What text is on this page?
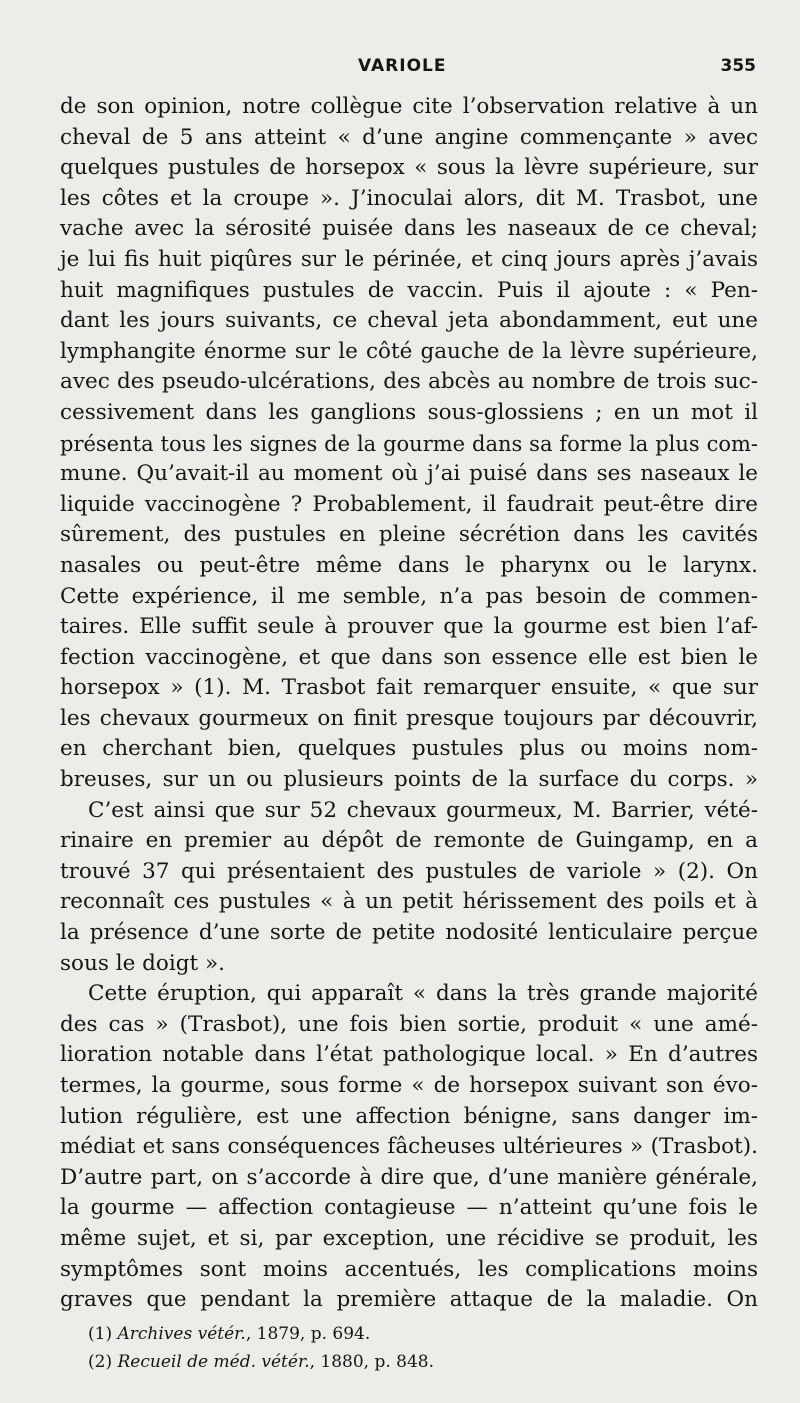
VARIOLE	355
de son opinion, notre collègue cite l’observation relative à un
cheval de 5 ans atteint « d’une angine commençante » avec
quelques pustules de horsepox « sous la lèvre supérieure, sur
les côtes et la croupe ». J’inoculai alors, dit M. Trasbot, une
vache avec la sérosité puisée dans les naseaux de ce cheval;
je lui fis huit piqûres sur le périnée, et cinq jours après j’avais
huit magnifiques pustules de vaccin. Puis il ajoute : « Pen-
dant les jours suivants, ce cheval jeta abondamment, eut une
lymphangite énorme sur le côté gauche de la lèvre supérieure,
avec des pseudo-ulcérations, des abcès au nombre de trois suc-
cessivement dans les ganglions sous-glossiens ; en un mot il
présenta tous les signes de la gourme dans sa forme la plus com-
mune. Qu’avait-il au moment où j’ai puisé dans ses naseaux le
liquide vaccinogène ? Probablement, il faudrait peut-être dire
sûrement, des pustules en pleine sécrétion dans les cavités
nasales ou peut-être même dans le pharynx ou le larynx.
Cette expérience, il me semble, n’a pas besoin de commen-
taires. Elle suffit seule à prouver que la gourme est bien l’af-
fection vaccinogène, et que dans son essence elle est bien le
horsepox » (1). M. Trasbot fait remarquer ensuite, « que sur
les chevaux gourmeux on finit presque toujours par découvrir,
en cherchant bien, quelques pustules plus ou moins nom-
breuses, sur un ou plusieurs points de la surface du corps. »
C’est ainsi que sur 52 chevaux gourmeux, M. Barrier, vété-
rinaire en premier au dépôt de remonte de Guingamp, en a
trouvé 37 qui présentaient des pustules de variole » (2). On
reconnaît ces pustules « à un petit hérissement des poils et à
la présence d’une sorte de petite nodosité lenticulaire perçue
sous le doigt ».
Cette éruption, qui apparaît « dans la très grande majorité
des cas » (Trasbot), une fois bien sortie, produit « une amé-
lioration notable dans l’état pathologique local. » En d’autres
termes, la gourme, sous forme « de horsepox suivant son évo-
lution régulière, est une affection bénigne, sans danger im-
médiat et sans conséquences fâcheuses ultérieures » (Trasbot).
D’autre part, on s’accorde à dire que, d’une manière générale,
la gourme — affection contagieuse — n’atteint qu’une fois le
même sujet, et si, par exception, une récidive se produit, les
symptômes sont moins accentués, les complications moins
graves que pendant la première attaque de la maladie. On
(1) Archives vétér., 1879, p. 694.
(2) Recueil de méd. vétér., 1880, p. 848.
